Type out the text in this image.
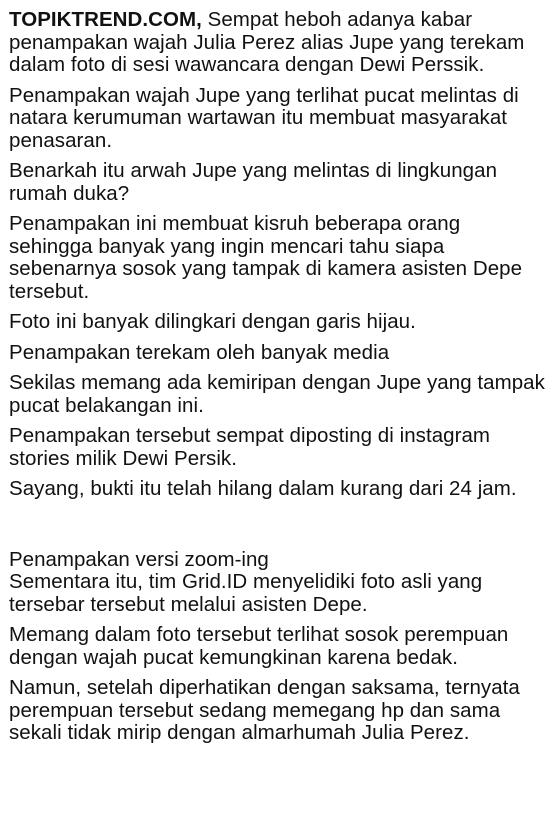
TOPIKTREND.COM, Sempat heboh adanya kabar penampakan wajah Julia Perez alias Jupe yang terekam dalam foto di sesi wawancara dengan Dewi Perssik.

Penampakan wajah Jupe yang terlihat pucat melintas di natara kerumuman wartawan itu membuat masyarakat penasaran.

Benarkah itu arwah Jupe yang melintas di lingkungan rumah duka?

Penampakan ini membuat kisruh beberapa orang sehingga banyak yang ingin mencari tahu siapa sebenarnya sosok yang tampak di kamera asisten Depe tersebut.

Foto ini banyak dilingkari dengan garis hijau.

Penampakan terekam oleh banyak media

Sekilas memang ada kemiripan dengan Jupe yang tampak pucat belakangan ini.

Penampakan tersebut sempat diposting di instagram stories milik Dewi Persik.

Sayang, bukti itu telah hilang dalam kurang dari 24 jam.

Penampakan versi zoom-ing

Sementara itu, tim Grid.ID menyelidiki foto asli yang tersebar tersebut melalui asisten Depe.

Memang dalam foto tersebut terlihat sosok perempuan dengan wajah pucat kemungkinan karena bedak.

Namun, setelah diperhatikan dengan saksama, ternyata perempuan tersebut sedang memegang hp dan sama sekali tidak mirip dengan almarhumah Julia Perez.
